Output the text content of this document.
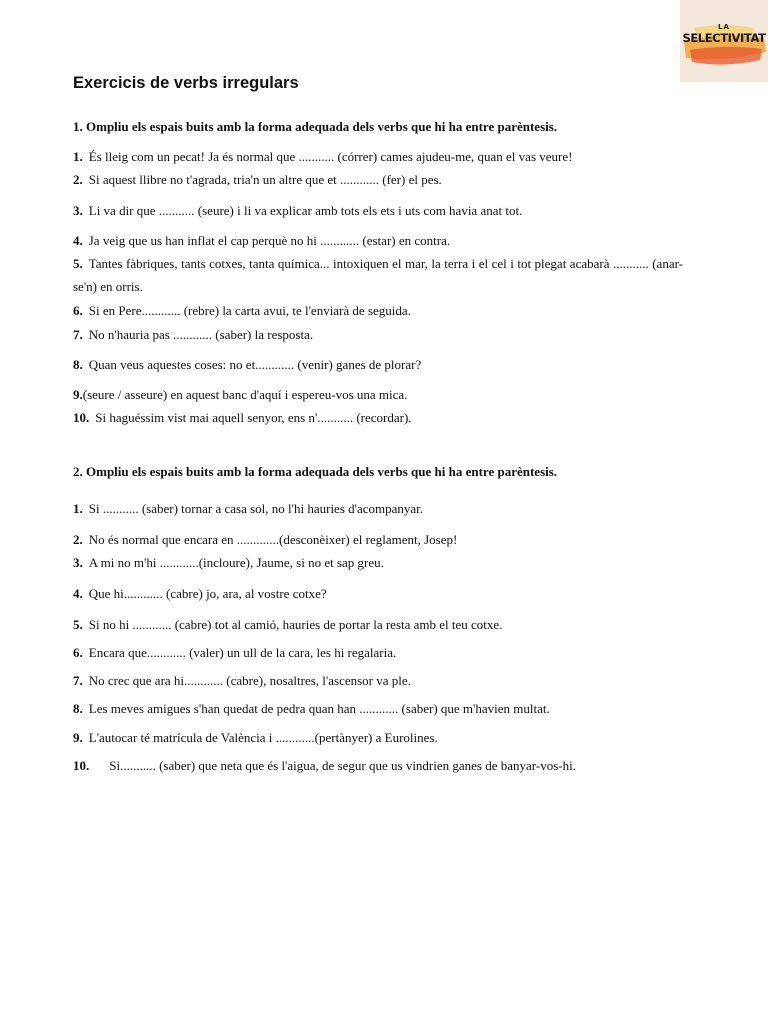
LA
SELECTIVITAT
Exercicis de verbs irregulars

1. Ompliu els espais buits amb la forma adequada dels verbs que hi ha entre parèntesis.

1. És lleig com un pecat! Ja és normal que ........... (córrer) cames ajudeu-me, quan el vas veure!
2. Si aquest llibre no t'agrada, tria'n un altre que et ............ (fer) el pes.
3. Li va dir que ........... (seure) i li va explicar amb tots els ets i uts com havia anat tot.
4. Ja veig que us han inflat el cap perquè no hi ............ (estar) en contra.
5. Tantes fàbriques, tants cotxes, tanta química... intoxiquen el mar, la terra i el cel i tot plegat acabarà ........... (anar-se'n) en orris.
6. Si en Pere............ (rebre) la carta avui, te l'enviarà de seguida.
7. No n'hauria pas ............ (saber) la resposta.
8. Quan veus aquestes coses: no et............ (venir) ganes de plorar?
9.(seure / asseure) en aquest banc d'aquí i espereu-vos una mica.
10. Si haguéssim vist mai aquell senyor, ens n'........... (recordar).

2. Ompliu els espais buits amb la forma adequada dels verbs que hi ha entre parèntesis.

1. Si ........... (saber) tornar a casa sol, no l'hi hauries d'acompanyar.
2. No és normal que encara en .............(desconèixer) el reglament, Josep!
3. A mi no m'hi ............(incloure), Jaume, si no et sap greu.
4. Que hi............ (cabre) jo, ara, al vostre cotxe?
5. Si no hi ............ (cabre) tot al camió, hauries de portar la resta amb el teu cotxe.
6. Encara que............ (valer) un ull de la cara, les hi regalaria.
7. No crec que ara hi............ (cabre), nosaltres, l'ascensor va ple.
8. Les meves amigues s'han quedat de pedra quan han ............ (saber) que m'havien multat.
9. L'autocar té matrícula de València i ............(pertànyer) a Eurolines.
10. Si........... (saber) que neta que és l'aigua, de segur que us vindrien ganes de banyar-vos-hi.
